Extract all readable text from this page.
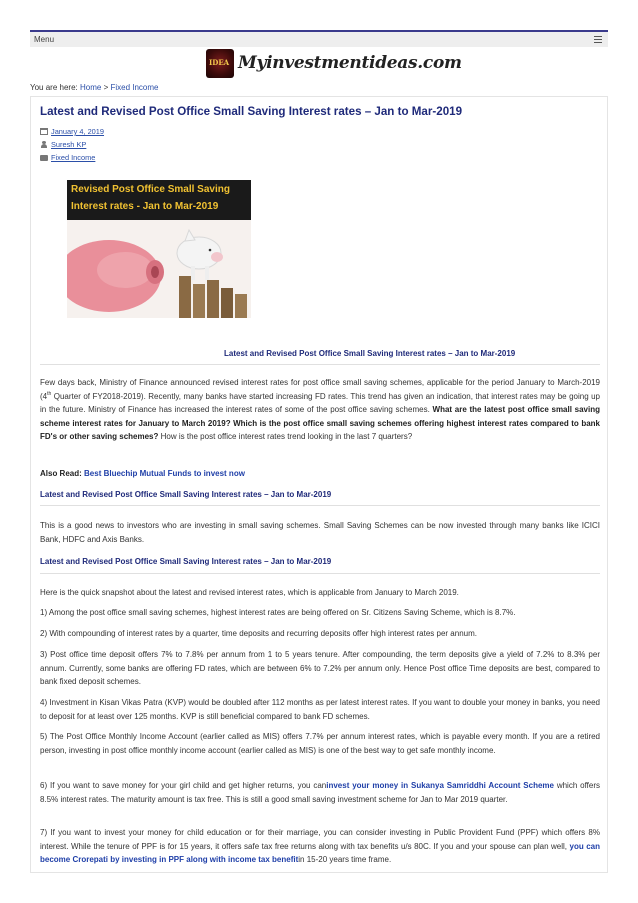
Menu
IDEA Myinvestmentideas.com
You are here: Home > Fixed Income
Latest and Revised Post Office Small Saving Interest rates – Jan to Mar-2019
January 4, 2019
Suresh KP
Fixed Income
Revised Post Office Small Saving
Interest rates - Jan to Mar-2019
Latest and Revised Post Office Small Saving Interest rates – Jan to Mar-2019
Few days back, Ministry of Finance announced revised interest rates for post office small saving schemes, applicable for the period January to March-2019 (4th Quarter of FY2018-2019). Recently, many banks have started increasing FD rates. This trend has given an indication, that interest rates may be going up in the future. Ministry of Finance has increased the interest rates of some of the post office saving schemes. What are the latest post office small saving scheme interest rates for January to March 2019? Which is the post office small saving schemes offering highest interest rates compared to bank FD's or other saving schemes? How is the post office interest rates trend looking in the last 7 quarters?
Also Read: Best Bluechip Mutual Funds to invest now
Latest and Revised Post Office Small Saving Interest rates – Jan to Mar-2019
This is a good news to investors who are investing in small saving schemes. Small Saving Schemes can be now invested through many banks like ICICI Bank, HDFC and Axis Banks.
Latest and Revised Post Office Small Saving Interest rates – Jan to Mar-2019
Here is the quick snapshot about the latest and revised interest rates, which is applicable from January to March 2019.
1) Among the post office small saving schemes, highest interest rates are being offered on Sr. Citizens Saving Scheme, which is 8.7%.
2) With compounding of interest rates by a quarter, time deposits and recurring deposits offer high interest rates per annum.
3) Post office time deposit offers 7% to 7.8% per annum from 1 to 5 years tenure. After compounding, the term deposits give a yield of 7.2% to 8.3% per annum. Currently, some banks are offering FD rates, which are between 6% to 7.2% per annum only. Hence Post office Time deposits are best, compared to bank fixed deposit schemes.
4) Investment in Kisan Vikas Patra (KVP) would be doubled after 112 months as per latest interest rates. If you want to double your money in banks, you need to deposit for at least over 125 months. KVP is still beneficial compared to bank FD schemes.
5) The Post Office Monthly Income Account (earlier called as MIS) offers 7.7% per annum interest rates, which is payable every month. If you are a retired person, investing in post office monthly income account (earlier called as MIS) is one of the best way to get safe monthly income.
6) If you want to save money for your girl child and get higher returns, you caninvest your money in Sukanya Samriddhi Account Scheme which offers 8.5% interest rates. The maturity amount is tax free. This is still a good small saving investment scheme for Jan to Mar 2019 quarter.
7) If you want to invest your money for child education or for their marriage, you can consider investing in Public Provident Fund (PPF) which offers 8% interest. While the tenure of PPF is for 15 years, it offers safe tax free returns along with tax benefits u/s 80C. If you and your spouse can plan well, you can become Crorepati by investing in PPF along with income tax benefitin 15-20 years time frame.
